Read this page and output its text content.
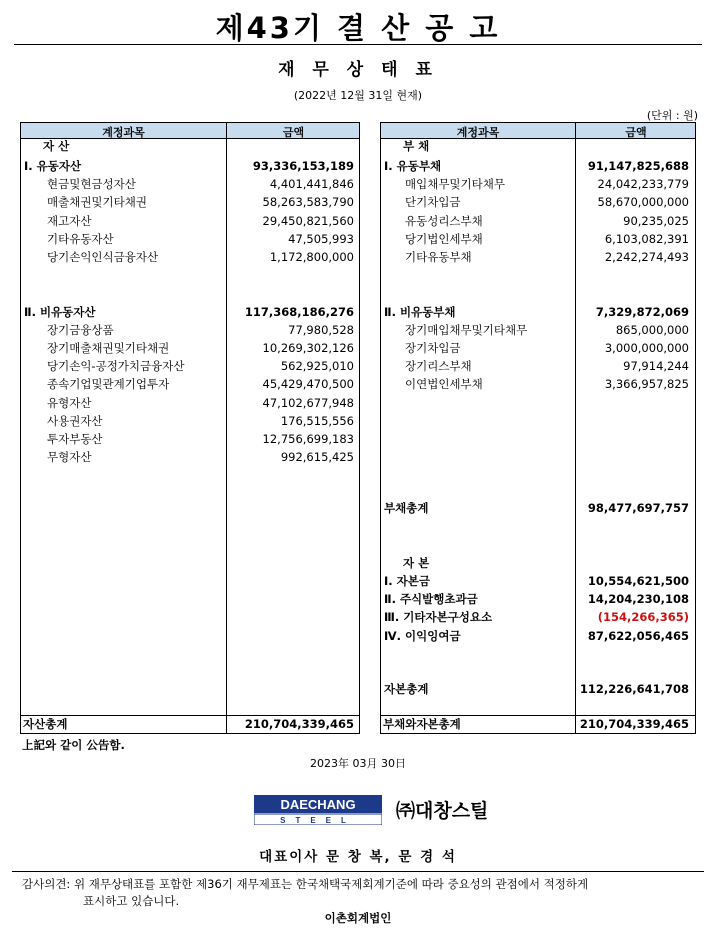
제43기 결 산 공 고
재 무 상 태 표
(2022년 12월 31일 현재)
(단위 : 원)
계정과목	금액
자 산
Ⅰ. 유동자산	93,336,153,189
현금및현금성자산	4,401,441,846
매출채권및기타채권	58,263,583,790
재고자산	29,450,821,560
기타유동자산	47,505,993
당기손익인식금융자산	1,172,800,000
Ⅱ. 비유동자산	117,368,186,276
장기금융상품	77,980,528
장기매출채권및기타채권	10,269,302,126
당기손익-공정가치금융자산	562,925,010
종속기업및관계기업투자	45,429,470,500
유형자산	47,102,677,948
사용권자산	176,515,556
투자부동산	12,756,699,183
무형자산	992,615,425
자산총계	210,704,339,465
계정과목	금액
부 채
Ⅰ. 유동부채	91,147,825,688
매입채무및기타채무	24,042,233,779
단기차입금	58,670,000,000
유동성리스부채	90,235,025
당기법인세부채	6,103,082,391
기타유동부채	2,242,274,493
Ⅱ. 비유동부채	7,329,872,069
장기매입채무및기타채무	865,000,000
장기차입금	3,000,000,000
장기리스부채	97,914,244
이연법인세부채	3,366,957,825
부채총계	98,477,697,757
자 본
Ⅰ. 자본금	10,554,621,500
Ⅱ. 주식발행초과금	14,204,230,108
Ⅲ. 기타자본구성요소	(154,266,365)
Ⅳ. 이익잉여금	87,622,056,465
자본총계	112,226,641,708
부채와자본총계	210,704,339,465
上記와 같이 公告함.
2023年 03月 30日
DAECHANG
STEEL ㈜대창스틸
대표이사 문 창 복, 문 경 석
감사의견: 위 재무상태표를 포함한 제36기 재무제표는 한국채택국제회계기준에 따라 중요성의 관점에서 적정하게
표시하고 있습니다.
이촌회계법인
